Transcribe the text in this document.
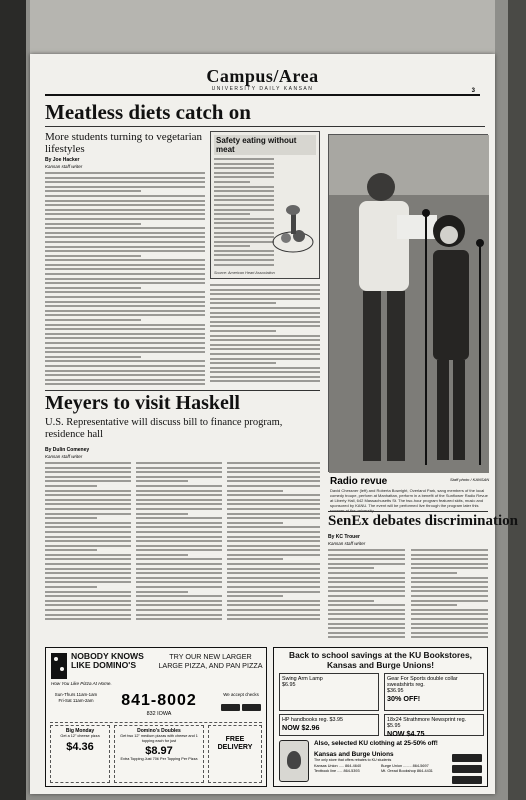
Campus/Area
UNIVERSITY DAILY KANSAN	3
Meatless diets catch on
More students turning to vegetarian lifestyles
By Joe Hacker
Kansan staff writer
Safety eating without meat
Source: American Heart Association
Radio revue	Staff photo / KANSAN
David Chessner (left) and Roberta Bowright, Overland Park, sang members of the local comedy troupe, perform at Manhattan, perform in a benefit of the Sunflower Radio Revue at Liberty Hall, 642 Massachusetts St. The two-hour program featured skits, music and sponsored by KANU. The event will be performed live through the program later this summer at the university.
Meyers to visit Haskell
U.S. Representative will discuss bill to finance program, residence hall
By Dulin Comeney
Kansan staff writer
SenEx debates discrimination
By KC Trouer
Kansan staff writer
NOBODY KNOWS LIKE DOMINO'S
How You Like Pizza At Home.
TRY OUR NEW LARGER LARGE PIZZA, AND PAN PIZZA
Sun-Thurs 11am-1am Fri-Sat 11am-2am	841-8002
832 IOWA
We accept checks
Big Monday
Get a 12" cheese pizza
$4.36
Domino's Doubles
Get two 12" medium pizzas with cheese and 1 topping each for just
$8.97
Extra Topping Just 70¢ Per Topping Per Pizza
FREE DELIVERY
Back to school savings at the KU Bookstores, Kansas and Burge Unions!
Swing Arm Lamp
$6.95
Gear For Sports double collar sweatshirts reg.
$36.95
30% OFF!
HP handbooks reg. $3.95
NOW $2.96
18x24 Strathmore Newsprint reg. $5.95
NOW $4.75
Also, selected KU clothing at 25-50% off!
Kansas and Burge Unions
The only store that offers rebates to KU students
Kansas Union ..... 864-4640	Burge Union ........ 864-5697
Textbook line ..... 864-5393	Mt. Oread Bookshop 864-4431
